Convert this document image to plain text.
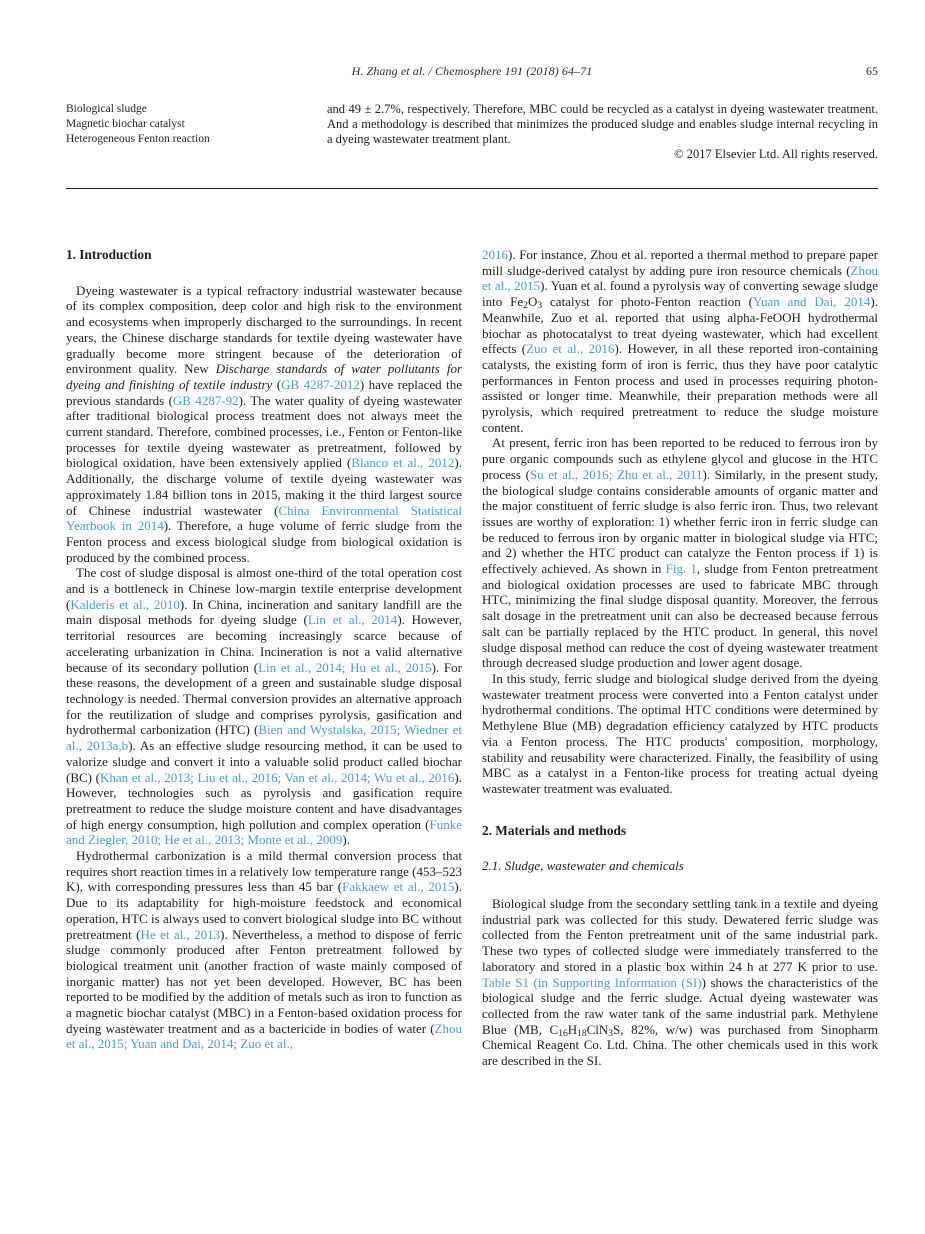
H. Zhang et al. / Chemosphere 191 (2018) 64–71	65
Biological sludge
Magnetic biochar catalyst
Heterogeneous Fenton reaction

and 49 ± 2.7%, respectively. Therefore, MBC could be recycled as a catalyst in dyeing wastewater treatment. And a methodology is described that minimizes the produced sludge and enables sludge internal recycling in a dyeing wastewater treatment plant.

© 2017 Elsevier Ltd. All rights reserved.
1. Introduction

Dyeing wastewater is a typical refractory industrial wastewater because of its complex composition, deep color and high risk to the environment and ecosystems when improperly discharged to the surroundings. In recent years, the Chinese discharge standards for textile dyeing wastewater have gradually become more stringent because of the deterioration of environment quality. New Discharge standards of water pollutants for dyeing and finishing of textile industry (GB 4287-2012) have replaced the previous standards (GB 4287-92). The water quality of dyeing wastewater after traditional biological process treatment does not always meet the current standard. Therefore, combined processes, i.e., Fenton or Fenton-like processes for textile dyeing wastewater as pretreatment, followed by biological oxidation, have been extensively applied (Blanco et al., 2012). Additionally, the discharge volume of textile dyeing wastewater was approximately 1.84 billion tons in 2015, making it the third largest source of Chinese industrial wastewater (China Environmental Statistical Yearbook in 2014). Therefore, a huge volume of ferric sludge from the Fenton process and excess biological sludge from biological oxidation is produced by the combined process.

The cost of sludge disposal is almost one-third of the total operation cost and is a bottleneck in Chinese low-margin textile enterprise development (Kalderis et al., 2010). In China, incineration and sanitary landfill are the main disposal methods for dyeing sludge (Lin et al., 2014). However, territorial resources are becoming increasingly scarce because of accelerating urbanization in China. Incineration is not a valid alternative because of its secondary pollution (Lin et al., 2014; Hu et al., 2015). For these reasons, the development of a green and sustainable sludge disposal technology is needed. Thermal conversion provides an alternative approach for the reutilization of sludge and comprises pyrolysis, gasification and hydrothermal carbonization (HTC) (Bien and Wystalska, 2015; Wiedner et al., 2013a,b). As an effective sludge resourcing method, it can be used to valorize sludge and convert it into a valuable solid product called biochar (BC) (Khan et al., 2013; Liu et al., 2016; Van et al., 2014; Wu et al., 2016). However, technologies such as pyrolysis and gasification require pretreatment to reduce the sludge moisture content and have disadvantages of high energy consumption, high pollution and complex operation (Funke and Ziegler, 2010; He et al., 2013; Monte et al., 2009).

Hydrothermal carbonization is a mild thermal conversion process that requires short reaction times in a relatively low temperature range (453–523 K), with corresponding pressures less than 45 bar (Fakkaew et al., 2015). Due to its adaptability for high-moisture feedstock and economical operation, HTC is always used to convert biological sludge into BC without pretreatment (He et al., 2013). Nevertheless, a method to dispose of ferric sludge commonly produced after Fenton pretreatment followed by biological treatment unit (another fraction of waste mainly composed of inorganic matter) has not yet been developed. However, BC has been reported to be modified by the addition of metals such as iron to function as a magnetic biochar catalyst (MBC) in a Fenton-based oxidation process for dyeing wastewater treatment and as a bactericide in bodies of water (Zhou et al., 2015; Yuan and Dai, 2014; Zuo et al.,

2016). For instance, Zhou et al. reported a thermal method to prepare paper mill sludge-derived catalyst by adding pure iron resource chemicals (Zhou et al., 2015). Yuan et al. found a pyrolysis way of converting sewage sludge into $Fe_2O_3$ catalyst for photo-Fenton reaction (Yuan and Dai, 2014). Meanwhile, Zuo et al. reported that using alpha-FeOOH hydrothermal biochar as photocatalyst to treat dyeing wastewater, which had excellent effects (Zuo et al., 2016). However, in all these reported iron-containing catalysts, the existing form of iron is ferric, thus they have poor catalytic performances in Fenton process and used in processes requiring photon-assisted or longer time. Meanwhile, their preparation methods were all pyrolysis, which required pretreatment to reduce the sludge moisture content.

At present, ferric iron has been reported to be reduced to ferrous iron by pure organic compounds such as ethylene glycol and glucose in the HTC process (Su et al., 2016; Zhu et al., 2011). Similarly, in the present study, the biological sludge contains considerable amounts of organic matter and the major constituent of ferric sludge is also ferric iron. Thus, two relevant issues are worthy of exploration: 1) whether ferric iron in ferric sludge can be reduced to ferrous iron by organic matter in biological sludge via HTC; and 2) whether the HTC product can catalyze the Fenton process if 1) is effectively achieved. As shown in Fig. 1, sludge from Fenton pretreatment and biological oxidation processes are used to fabricate MBC through HTC, minimizing the final sludge disposal quantity. Moreover, the ferrous salt dosage in the pretreatment unit can also be decreased because ferrous salt can be partially replaced by the HTC product. In general, this novel sludge disposal method can reduce the cost of dyeing wastewater treatment through decreased sludge production and lower agent dosage.

In this study, ferric sludge and biological sludge derived from the dyeing wastewater treatment process were converted into a Fenton catalyst under hydrothermal conditions. The optimal HTC conditions were determined by Methylene Blue (MB) degradation efficiency catalyzed by HTC products via a Fenton process. The HTC products' composition, morphology, stability and reusability were characterized. Finally, the feasibility of using MBC as a catalyst in a Fenton-like process for treating actual dyeing wastewater treatment was evaluated.

2. Materials and methods
2.1. Sludge, wastewater and chemicals

Biological sludge from the secondary settling tank in a textile and dyeing industrial park was collected for this study. Dewatered ferric sludge was collected from the Fenton pretreatment unit of the same industrial park. These two types of collected sludge were immediately transferred to the laboratory and stored in a plastic box within 24 h at 277 K prior to use. Table S1 (in Supporting Information (SI)) shows the characteristics of the biological sludge and the ferric sludge. Actual dyeing wastewater was collected from the raw water tank of the same industrial park. Methylene Blue (MB, $C_{16}H_{18}ClN_3S$, 82%, w/w) was purchased from Sinopharm Chemical Reagent Co. Ltd. China. The other chemicals used in this work are described in the SI.
